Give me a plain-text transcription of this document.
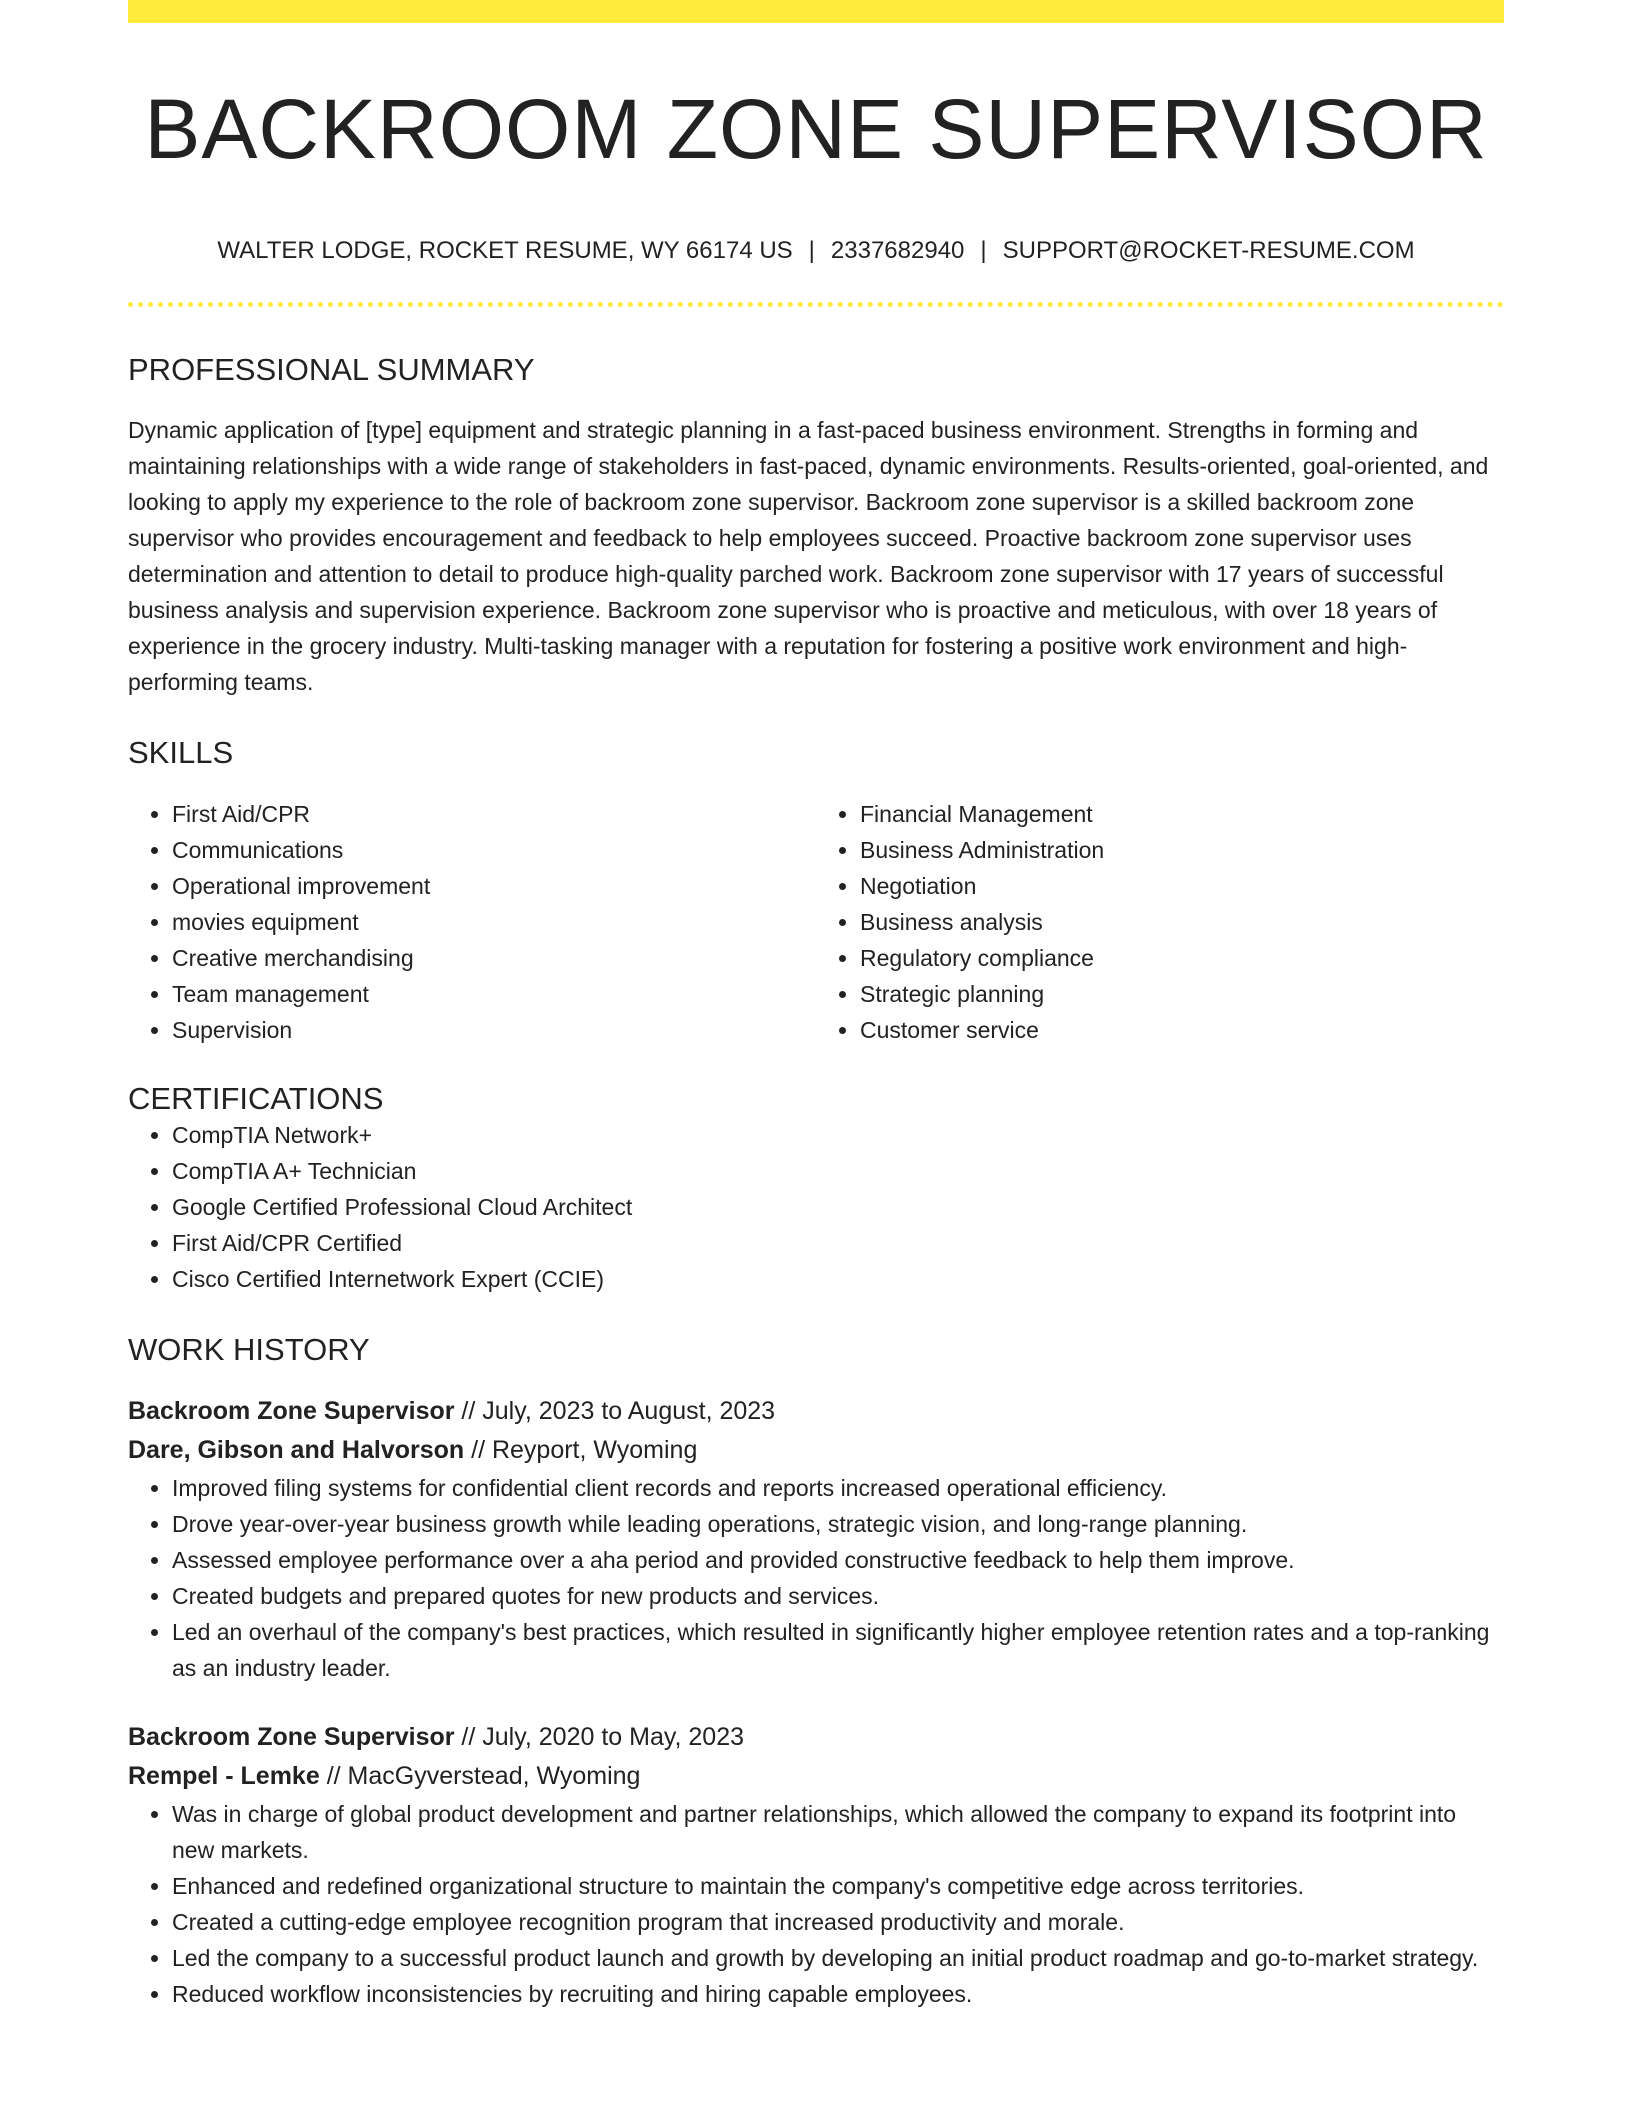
BACKROOM ZONE SUPERVISOR
WALTER LODGE, ROCKET RESUME, WY 66174 US | 2337682940 | SUPPORT@ROCKET-RESUME.COM
PROFESSIONAL SUMMARY

Dynamic application of [type] equipment and strategic planning in a fast-paced business environment. Strengths in forming and maintaining relationships with a wide range of stakeholders in fast-paced, dynamic environments. Results-oriented, goal-oriented, and looking to apply my experience to the role of backroom zone supervisor. Backroom zone supervisor is a skilled backroom zone supervisor who provides encouragement and feedback to help employees succeed. Proactive backroom zone supervisor uses determination and attention to detail to produce high-quality parched work. Backroom zone supervisor with 17 years of successful business analysis and supervision experience. Backroom zone supervisor who is proactive and meticulous, with over 18 years of experience in the grocery industry. Multi-tasking manager with a reputation for fostering a positive work environment and high-performing teams.

SKILLS
• First Aid/CPR
• Communications
• Operational improvement
• movies equipment
• Creative merchandising
• Team management
• Supervision
• Financial Management
• Business Administration
• Negotiation
• Business analysis
• Regulatory compliance
• Strategic planning
• Customer service
CERTIFICATIONS
• CompTIA Network+
• CompTIA A+ Technician
• Google Certified Professional Cloud Architect
• First Aid/CPR Certified
• Cisco Certified Internetwork Expert (CCIE)
WORK HISTORY
Backroom Zone Supervisor // July, 2023 to August, 2023
Dare, Gibson and Halvorson // Reyport, Wyoming
• Improved filing systems for confidential client records and reports increased operational efficiency.
• Drove year-over-year business growth while leading operations, strategic vision, and long-range planning.
• Assessed employee performance over a aha period and provided constructive feedback to help them improve.
• Created budgets and prepared quotes for new products and services.
• Led an overhaul of the company's best practices, which resulted in significantly higher employee retention rates and a top-ranking as an industry leader.
Backroom Zone Supervisor // July, 2020 to May, 2023
Rempel - Lemke // MacGyverstead, Wyoming
• Was in charge of global product development and partner relationships, which allowed the company to expand its footprint into new markets.
• Enhanced and redefined organizational structure to maintain the company's competitive edge across territories.
• Created a cutting-edge employee recognition program that increased productivity and morale.
• Led the company to a successful product launch and growth by developing an initial product roadmap and go-to-market strategy.
• Reduced workflow inconsistencies by recruiting and hiring capable employees.
